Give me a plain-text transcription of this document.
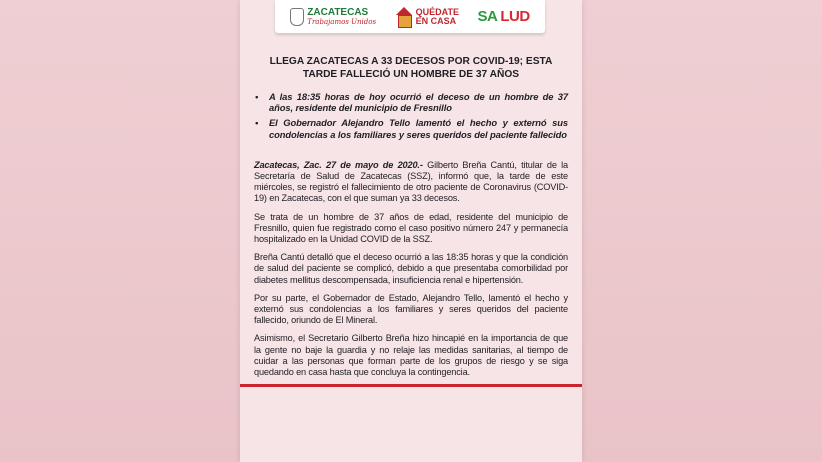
ZACATECAS
Trabajamos Unidos
QUÉDATE
EN CASA SA LUD
LLEGA ZACATECAS A 33 DECESOS POR COVID-19; ESTA TARDE FALLECIÓ UN HOMBRE DE 37 AÑOS
• A las 18:35 horas de hoy ocurrió el deceso de un hombre de 37 años, residente del municipio de Fresnillo
• El Gobernador Alejandro Tello lamentó el hecho y externó sus condolencias a los familiares y seres queridos del paciente fallecido

Zacatecas, Zac. 27 de mayo de 2020.- Gilberto Breña Cantú, titular de la Secretaría de Salud de Zacatecas (SSZ), informó que, la tarde de este miércoles, se registró el fallecimiento de otro paciente de Coronavirus (COVID-19) en Zacatecas, con el que suman ya 33 decesos.

Se trata de un hombre de 37 años de edad, residente del municipio de Fresnillo, quien fue registrado como el caso positivo número 247 y permanecía hospitalizado en la Unidad COVID de la SSZ.

Breña Cantú detalló que el deceso ocurrió a las 18:35 horas y que la condición de salud del paciente se complicó, debido a que presentaba comorbilidad por diabetes mellitus descompensada, insuficiencia renal e hipertensión.

Por su parte, el Gobernador de Estado, Alejandro Tello, lamentó el hecho y externó sus condolencias a los familiares y seres queridos del paciente fallecido, oriundo de El Mineral.

Asimismo, el Secretario Gilberto Breña hizo hincapié en la importancia de que la gente no baje la guardia y no relaje las medidas sanitarias, al tiempo de cuidar a las personas que forman parte de los grupos de riesgo y se siga quedando en casa hasta que concluya la contingencia.
